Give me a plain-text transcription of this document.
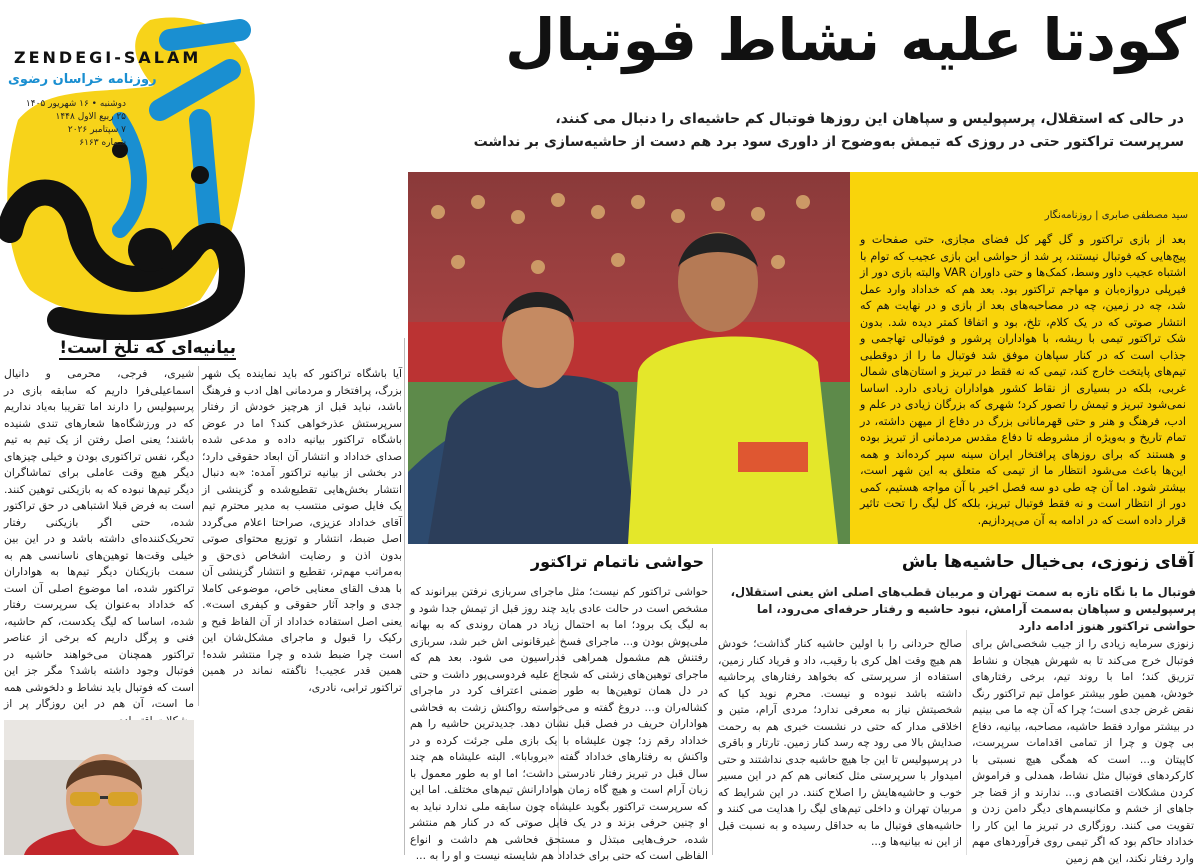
ZENDEGI-SALAM
روزنامه خراسان رضوی
دوشنبه • ۱۶ شهریور ۱۴۰۵
۲۵ ربیع الاول ۱۴۴۸
۷ سپتامبر ۲۰۲۶
شماره ۶۱۶۳
کودتا علیه نشاط فوتبال
در حالی که استقلال، پرسپولیس و سپاهان این روزها فوتبال کم حاشیه‌ای را دنبال می کنند،
سرپرست تراکتور حتی در روزی که تیمش به‌وضوح از داوری سود برد هم دست از حاشیه‌سازی بر نداشت
سید مصطفی صابری | روزنامه‌نگار
بعد از بازی تراکتور و گل گهر کل فضای مجازی، حتی صفحات و پیج‌هایی که فوتبال نیستند، پر شد از حواشی این بازی عجیب که توام با اشتباه عجیب داور وسط، کمک‌ها و حتی داوران VAR والبته بازی دور از فیرپلی دروازه‌بان و مهاجم تراکتور بود. بعد هم که خداداد وارد عمل شد، چه در زمین، چه در مصاحبه‌های بعد از بازی و در نهایت هم که انتشار صوتی که در یک کلام، تلخ، بود و اتفاقا کمتر دیده شد. بدون شک تراکتور تیمی با ریشه، با هواداران پرشور و فوتبالی تهاجمی و جذاب است که در کنار سپاهان موفق شد فوتبال ما را از دوقطبی تیم‌های پایتخت خارج کند، تیمی که نه فقط در تبریز و استان‌های شمال غربی، بلکه در بسیاری از نقاط کشور هواداران زیادی دارد. اساسا نمی‌شود تبریز و تیمش را تصور کرد؛ شهری که بزرگان زیادی در علم و ادب، فرهنگ و هنر و حتی قهرمانانی بزرگ در دفاع از میهن داشته، در تمام تاریخ و به‌ویژه از مشروطه تا دفاع مقدس مردمانی از تبریز بوده و هستند که برای روزهای پرافتخار ایران سینه سپر کرده‌اند و همه این‌ها باعث می‌شود انتظار ما از تیمی که متعلق به این شهر است، بیشتر شود. اما آن چه طی دو سه فصل اخیر با آن مواجه هستیم، کمی دور از انتظار است و نه فقط فوتبال تبریز، بلکه کل لیگ را تحت تاثیر قرار داده است که در ادامه به آن می‌پردازیم.
بیانیه‌ای که تلخ است!
آیا باشگاه تراکتور که باید نماینده یک شهر بزرگ، پرافتخار و مردمانی اهل ادب و فرهنگ باشد، نباید قبل از هرچیز خودش از رفتار سرپرستش عذرخواهی کند؟ اما در عوض باشگاه تراکتور بیانیه داده و مدعی شده صدای خداداد و انتشار آن ابعاد حقوقی دارد؛ در بخشی از بیانیه تراکتور آمده: «به دنبال انتشار بخش‌هایی تقطیع‌شده و گزینشی از یک فایل صوتی منتسب به مدیر محترم تیم آقای خداداد عزیزی، صراحتا اعلام می‌گردد اصل ضبط، انتشار و توزیع محتوای صوتی بدون اذن و رضایت اشخاص ذی‌حق و به‌مراتب مهم‌تر، تقطیع و انتشار گزینشی آن با هدف القای معنایی خاص، موضوعی کاملا جدی و واجد آثار حقوقی و کیفری است». یعنی اصل استفاده خداداد از آن الفاظ قبح و رکیک را قبول و ماجرای مشکل‌شان این است چرا ضبط شده و چرا منتشر شده! همین قدر عجیب! ناگفته نماند در همین تراکتور ترابی، نادری،
شیری، فرجی، محرمی و دانیال اسماعیلی‌فرا داریم که سابقه بازی در پرسپولیس را دارند اما تقریبا به‌یاد نداریم که در ورزشگاه‌ها شعارهای تندی شنیده باشند؛ یعنی اصل رفتن از یک تیم به تیم دیگر، نفس تراکتوری بودن و خیلی چیزهای دیگر هیچ وقت عاملی برای تماشاگران دیگر تیم‌ها نبوده که به بازیکنی توهین کنند. است به فرض قبلا اشتباهی در حق تراکتور شده، حتی اگر بازیکنی رفتار تحریک‌کننده‌ای داشته باشد و در این بین خیلی وقت‌ها توهین‌های ناسانسی هم به سمت بازیکنان دیگر تیم‌ها به هواداران تراکتور شده، اما موضوع اصلی آن است که خداداد به‌عنوان یک سرپرست رفتار شده، اساسا که لیگ یکدست، کم حاشیه، فنی و پرگل داریم که برخی از عناصر تراکتور همچنان می‌خواهند حاشیه در فوتبال وجود داشته باشد؟ مگر جز این است که فوتبال باید نشاط و دلخوشی همه ما است، آن هم در این روزگار پر از
حواشی ناتمام تراکتور
حواشی تراکتور کم نیست؛ مثل ماجرای سربازی نرفتن بیرانوند که مشخص است در حالت عادی باید چند روز قبل از تیمش جدا شود و به لیگ یک برود؛ اما به احتمال زیاد در همان روندی که به بهانه ملی‌پوش بودن و... ماجرای فسخ غیرقانونی اش خبر شد، سربازی رفتنش هم مشمول همراهی فدراسیون می شود. بعد هم که ماجرای توهین‌های زشتی که شجاع علیه فردوسی‌پور داشت و حتی در دل همان توهین‌ها به طور ضمنی اعتراف کرد در ماجرای کشاله‌ران و... دروغ گفته و می‌خواسته رواکنش زشت به فحاشی هواداران حریف در فصل قبل نشان دهد. جدیدترین حاشیه را هم خداداد رقم زد؛ چون علیشاه با یک بازی ملی جرئت کرده و در واکنش به رفتارهای خداداد گفته «بروبابا». البته علیشاه هم چند سال قبل در تبریز رفتار نادرستی داشت؛ اما او به طور معمول با زبان آرام است و هیچ گاه زمان هوادارانش تیم‌های مختلف. اما این که سرپرست تراکتور بگوید علیشاه چون سابقه ملی ندارد نباید به او چنین حرفی بزند و در یک فایل صوتی که در کنار هم منتشر شده، حرف‌هایی مبتذل و مستحق فحاشی هم داشت و انواع الفاظی است که حتی برای خداداد هم شایسته نیست و او را به ...
آقای زنوزی، بی‌خیال حاشیه‌ها باش
فوتبال ما با نگاه تازه به سمت تهران و مربیان قطب‌های اصلی اش یعنی استقلال، پرسپولیس و سپاهان به‌سمت آرامش، نبود حاشیه و رفتار حرفه‌ای می‌رود، اما حواشی تراکتور هنوز ادامه دارد
زنوزی سرمایه زیادی را از جیب شخصی‌اش برای فوتبال خرج می‌کند تا به شهرش هیجان و نشاط تزریق کند؛ اما با روند تیم، برخی رفتارهای خودش، همین طور بیشتر عوامل تیم تراکتور رنگ نقض غرض جدی است؛ چرا که آن چه ما می بینیم در بیشتر موارد فقط حاشیه، مصاحبه، بیانیه، دفاع بی چون و چرا از تمامی اقدامات سرپرست، کاپیتان و... است که همگی هیچ نسبتی با کارکردهای فوتبال مثل نشاط، همدلی و فراموش کردن مشکلات اقتصادی و... ندارند و از قضا جر جاهای از خشم و مکانیسم‌های دیگر دامن زدن و تقویت می کنند. روزگاری در تبریز ما این کار را خداداد حاکم بود که اگر تیمی روی فرآوردهای مهم وارد رفتار نکند، این هم زمین
صالح حردانی را با اولین حاشیه کنار گذاشت؛ خودش هم هیچ وقت اهل کری با رقیب، داد و فریاد کنار زمین، استفاده از سرپرستی که بخواهد رفتارهای پرحاشیه داشته باشد نبوده و نیست. محرم نوید کیا که شخصیتش نیاز به معرفی ندارد؛ مردی آرام، متین و اخلاقی مدار که حتی در نشست خبری هم به رحمت صدایش بالا می رود چه رسد کنار زمین. تارتار و باقری در پرسپولیس تا این جا هیچ حاشیه جدی نداشتند و حتی امیدوار با سرپرستی مثل کنعانی هم کم در این مسیر خوب و حاشیه‌هایش را اصلاح کنند. در این شرایط که مربیان تهران و داخلی تیم‌های لیگ را هدایت می کنند و حاشیه‌های فوتبال ما به حداقل رسیده و به نسبت قبل از این نه بیانیه‌ها و...
